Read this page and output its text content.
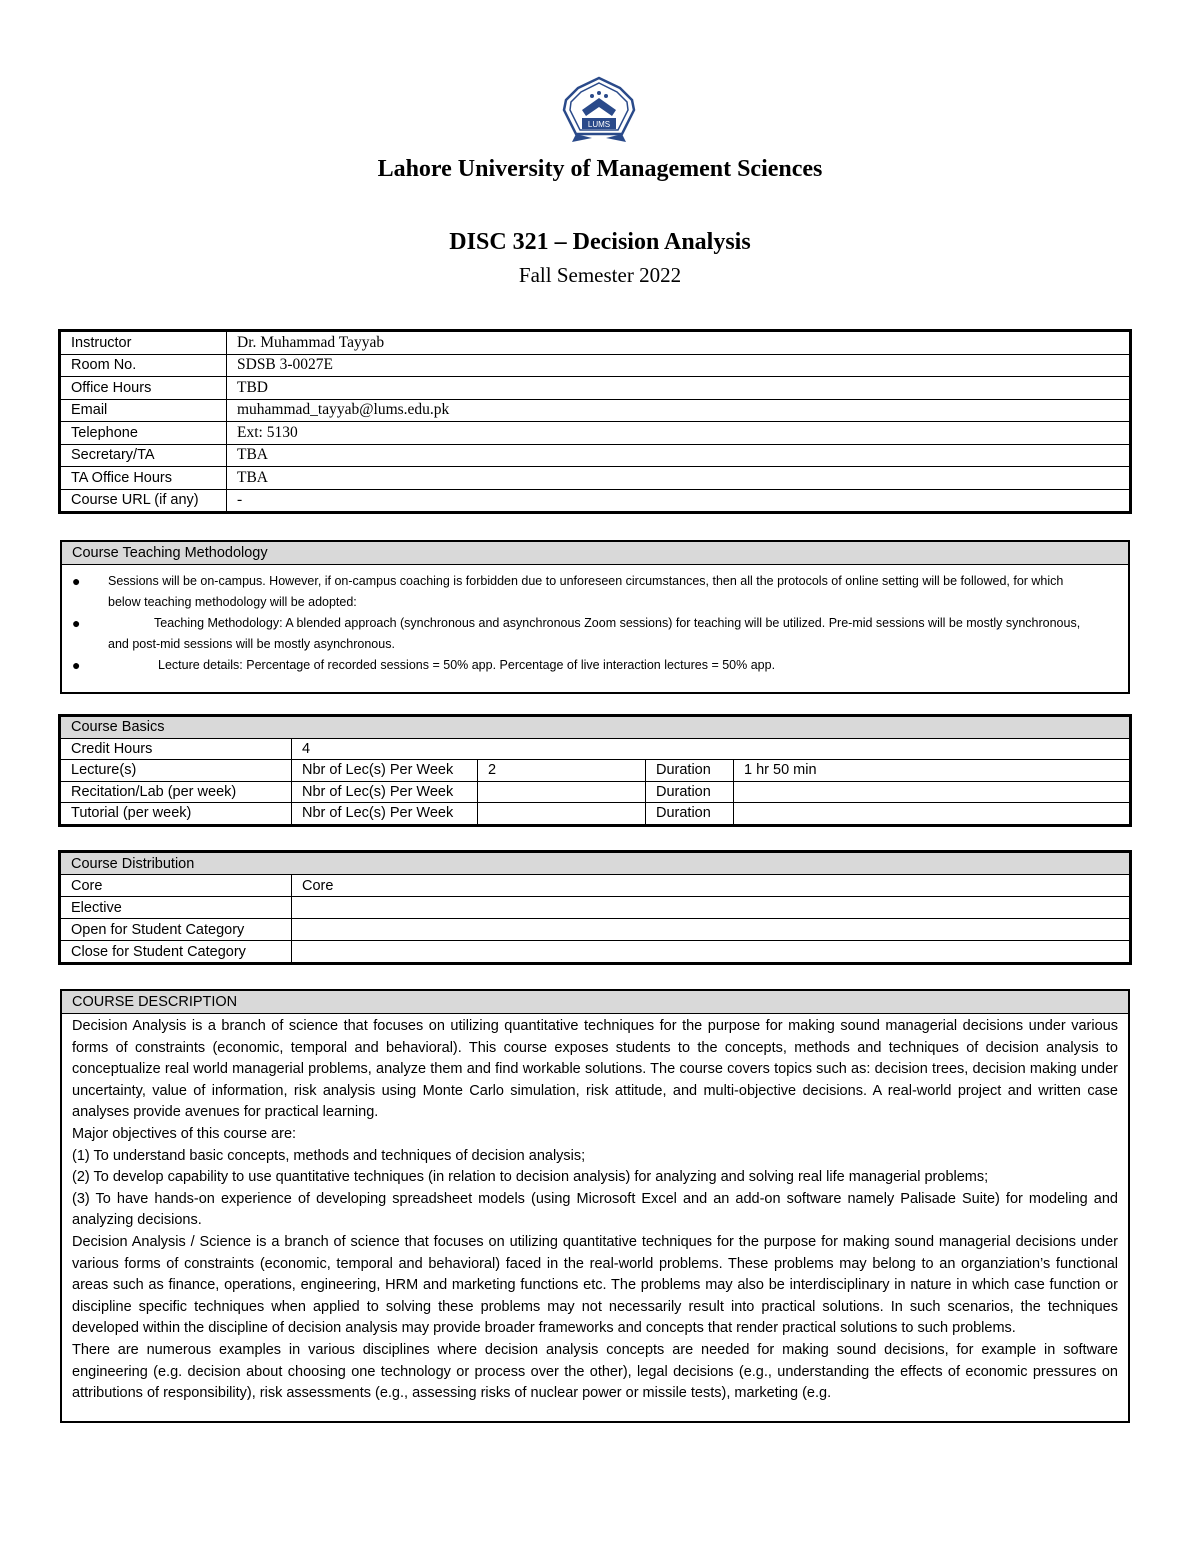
LUMS
Lahore University of Management Sciences
DISC 321 – Decision Analysis
Fall Semester 2022
Instructor	Dr. Muhammad Tayyab
Room No.	SDSB 3-0027E
Office Hours	TBD
Email	muhammad_tayyab@lums.edu.pk
Telephone	Ext: 5130
Secretary/TA	TBA
TA Office Hours	TBA
Course URL (if any)	-
Course Teaching Methodology
● Sessions will be on-campus. However, if on-campus coaching is forbidden due to unforeseen circumstances, then all the protocols of online setting will be followed, for which below teaching methodology will be adopted:
●	Teaching Methodology: A blended approach (synchronous and asynchronous Zoom sessions) for teaching will be utilized. Pre-mid sessions will be mostly synchronous, and post-mid sessions will be mostly asynchronous.
●	Lecture details: Percentage of recorded sessions = 50% app. Percentage of live interaction lectures = 50% app.
Course Basics				
Credit Hours	4			
Lecture(s)	Nbr of Lec(s) Per Week	2	Duration	1 hr 50 min
Recitation/Lab (per week)	Nbr of Lec(s) Per Week		Duration	
Tutorial (per week)	Nbr of Lec(s) Per Week		Duration	
Course Distribution	
Core	Core
Elective	
Open for Student Category	
Close for Student Category	
COURSE DESCRIPTION

Decision Analysis is a branch of science that focuses on utilizing quantitative techniques for the purpose for making sound managerial decisions under various forms of constraints (economic, temporal and behavioral). This course exposes students to the concepts, methods and techniques of decision analysis to conceptualize real world managerial problems, analyze them and find workable solutions. The course covers topics such as: decision trees, decision making under uncertainty, value of information, risk analysis using Monte Carlo simulation, risk attitude, and multi-objective decisions. A real-world project and written case analyses provide avenues for practical learning.

Major objectives of this course are:

(1) To understand basic concepts, methods and techniques of decision analysis;

(2) To develop capability to use quantitative techniques (in relation to decision analysis) for analyzing and solving real life managerial problems;

(3) To have hands-on experience of developing spreadsheet models (using Microsoft Excel and an add-on software namely Palisade Suite) for modeling and analyzing decisions.

Decision Analysis / Science is a branch of science that focuses on utilizing quantitative techniques for the purpose for making sound managerial decisions under various forms of constraints (economic, temporal and behavioral) faced in the real-world problems. These problems may belong to an organziation’s functional areas such as finance, operations, engineering, HRM and marketing functions etc. The problems may also be interdisciplinary in nature in which case function or discipline specific techniques when applied to solving these problems may not necessarily result into practical solutions. In such scenarios, the techniques developed within the discipline of decision analysis may provide broader frameworks and concepts that render practical solutions to such problems.

There are numerous examples in various disciplines where decision analysis concepts are needed for making sound decisions, for example in software engineering (e.g. decision about choosing one technology or process over the other), legal decisions (e.g., understanding the effects of economic pressures on attributions of responsibility), risk assessments (e.g., assessing risks of nuclear power or missile tests), marketing (e.g.
